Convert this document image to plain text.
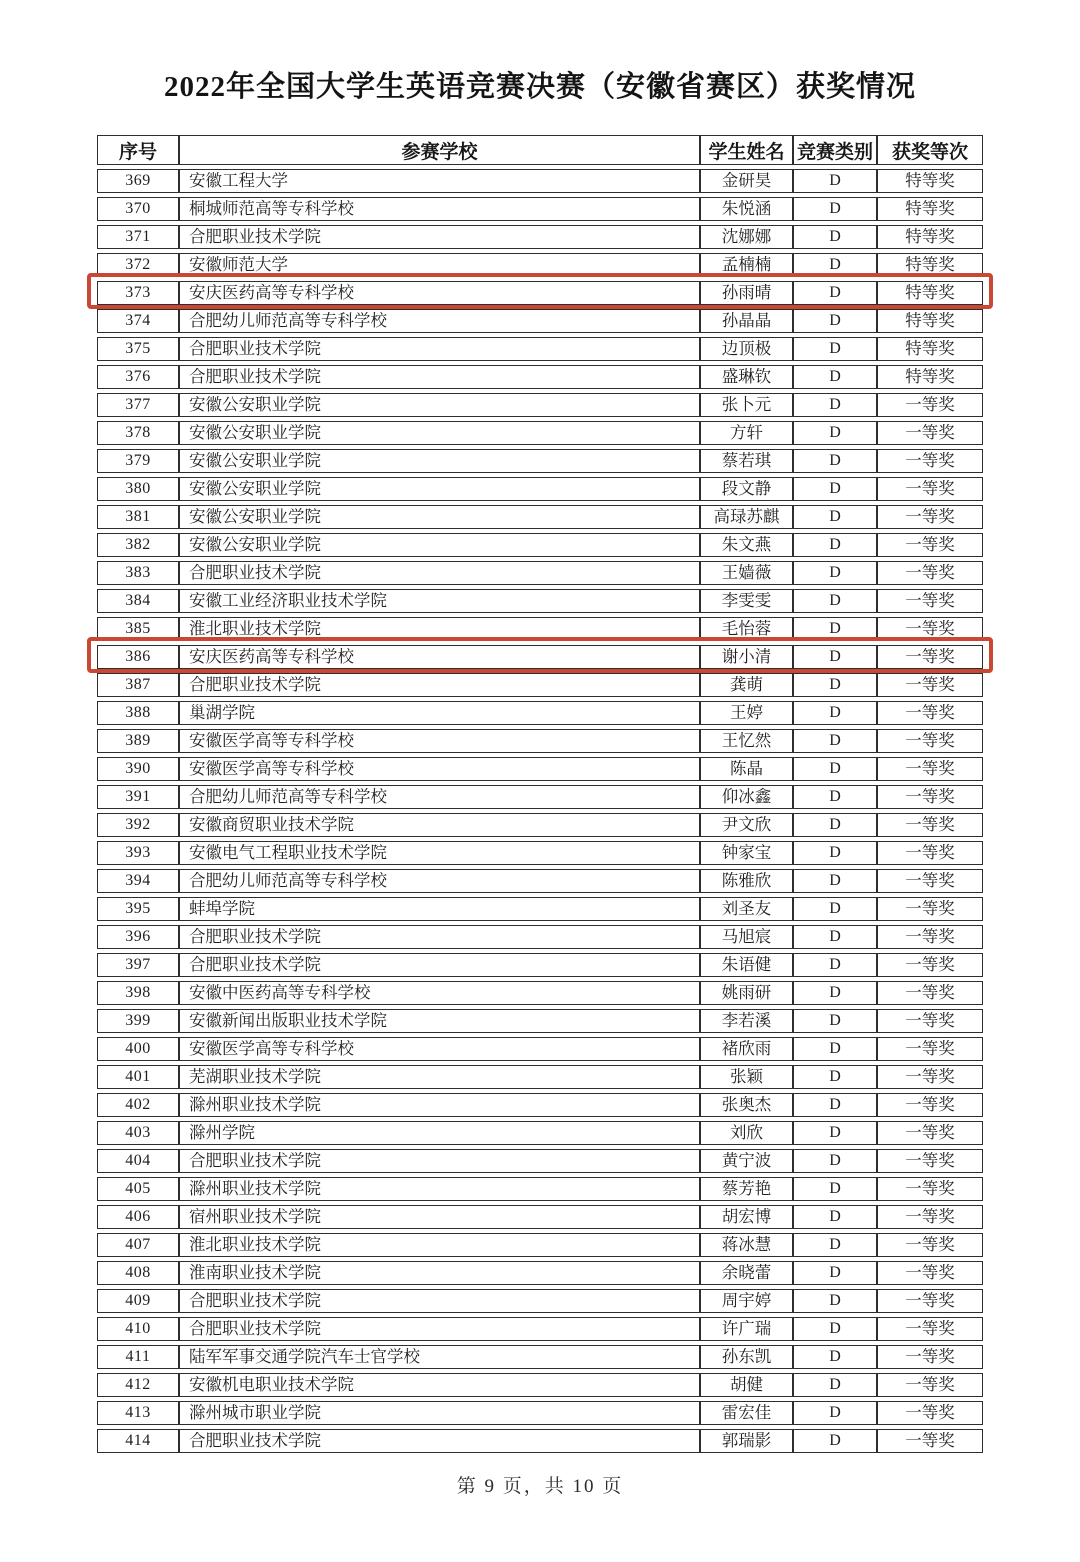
2022年全国大学生英语竞赛决赛（安徽省赛区）获奖情况
序号	参赛学校	学生姓名	竞赛类别	获奖等次
369	安徽工程大学	金研昊	D	特等奖
370	桐城师范高等专科学校	朱悦涵	D	特等奖
371	合肥职业技术学院	沈娜娜	D	特等奖
372	安徽师范大学	孟楠楠	D	特等奖
373	安庆医药高等专科学校	孙雨晴	D	特等奖
374	合肥幼儿师范高等专科学校	孙晶晶	D	特等奖
375	合肥职业技术学院	边顶极	D	特等奖
376	合肥职业技术学院	盛琳钦	D	特等奖
377	安徽公安职业学院	张卜元	D	一等奖
378	安徽公安职业学院	方轩	D	一等奖
379	安徽公安职业学院	蔡若琪	D	一等奖
380	安徽公安职业学院	段文静	D	一等奖
381	安徽公安职业学院	高琭苏麒	D	一等奖
382	安徽公安职业学院	朱文燕	D	一等奖
383	合肥职业技术学院	王嫱薇	D	一等奖
384	安徽工业经济职业技术学院	李雯雯	D	一等奖
385	淮北职业技术学院	毛怡蓉	D	一等奖
386	安庆医药高等专科学校	谢小清	D	一等奖
387	合肥职业技术学院	龚萌	D	一等奖
388	巢湖学院	王婷	D	一等奖
389	安徽医学高等专科学校	王忆然	D	一等奖
390	安徽医学高等专科学校	陈晶	D	一等奖
391	合肥幼儿师范高等专科学校	仰冰鑫	D	一等奖
392	安徽商贸职业技术学院	尹文欣	D	一等奖
393	安徽电气工程职业技术学院	钟家宝	D	一等奖
394	合肥幼儿师范高等专科学校	陈雅欣	D	一等奖
395	蚌埠学院	刘圣友	D	一等奖
396	合肥职业技术学院	马旭宸	D	一等奖
397	合肥职业技术学院	朱语健	D	一等奖
398	安徽中医药高等专科学校	姚雨研	D	一等奖
399	安徽新闻出版职业技术学院	李若溪	D	一等奖
400	安徽医学高等专科学校	褚欣雨	D	一等奖
401	芜湖职业技术学院	张颖	D	一等奖
402	滁州职业技术学院	张奥杰	D	一等奖
403	滁州学院	刘欣	D	一等奖
404	合肥职业技术学院	黄宁波	D	一等奖
405	滁州职业技术学院	蔡芳艳	D	一等奖
406	宿州职业技术学院	胡宏博	D	一等奖
407	淮北职业技术学院	蒋冰慧	D	一等奖
408	淮南职业技术学院	余晓蕾	D	一等奖
409	合肥职业技术学院	周宇婷	D	一等奖
410	合肥职业技术学院	许广瑞	D	一等奖
411	陆军军事交通学院汽车士官学校	孙东凯	D	一等奖
412	安徽机电职业技术学院	胡健	D	一等奖
413	滁州城市职业学院	雷宏佳	D	一等奖
414	合肥职业技术学院	郭瑞影	D	一等奖
第 9 页，共 10 页
